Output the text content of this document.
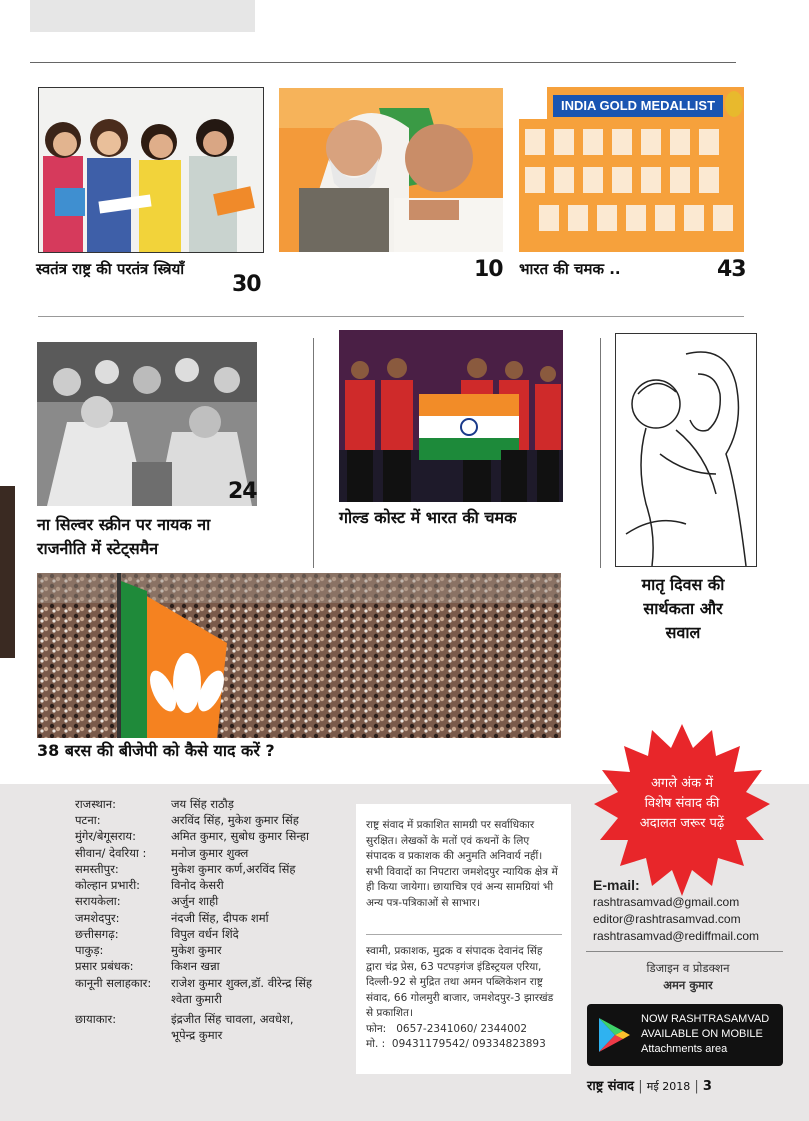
स्वतंत्र राष्ट्र की परतंत्र स्त्रियाँ
30
10
INDIA GOLD MEDALLIST
भारत की चमक ..	43
24
ना सिल्वर स्क्रीन पर नायक ना
राजनीति में स्टेट्समैन
गोल्ड कोस्ट में भारत की चमक
मातृ दिवस की
सार्थकता और
सवाल
38 बरस की बीजेपी को कैसे याद करें ?
राजस्थान:	जय सिंह राठौड़
पटना:	अरविंद सिंह, मुकेश कुमार सिंह
मुंगेर/बेगूसराय:	अमित कुमार, सुबोध कुमार सिन्हा
सीवान/ देवरिया :	मनोज कुमार शुक्ल
समस्तीपुर:	मुकेश कुमार कर्ण,अरविंद सिंह
कोल्हान प्रभारी:	विनोद केसरी
सरायकेला:	अर्जुन शाही
जमशेदपुर:	नंदजी सिंह, दीपक शर्मा
छत्तीसगढ़:	विपुल वर्धन शिंदे
पाकुड़:	मुकेश कुमार
प्रसार प्रबंधक:	किशन खन्ना
कानूनी सलाहकार:	राजेश कुमार शुक्ल,डॉ. वीरेन्द्र सिंह
श्वेता कुमारी
छायाकार:	इंद्रजीत सिंह चावला, अवधेश,
भूपेन्द्र कुमार

राष्ट्र संवाद में प्रकाशित सामग्री पर सर्वाधिकार

सुरक्षित। लेखकों के मतों एवं कथनों के लिए

संपादक व प्रकाशक की अनुमति अनिवार्य नहीं।

सभी विवादों का निपटारा जमशेदपुर न्यायिक क्षेत्र में

ही किया जायेगा। छायाचित्र एवं अन्य सामग्रियां भी

अन्य पत्र-पत्रिकाओं से साभार।

स्वामी, प्रकाशक, मुद्रक व संपादक देवानंद सिंह

द्वारा चंद्र प्रेस, 63 पटपड़गंज इंडिस्ट्रयल एरिया,

दिल्ली-92 से मुद्रित तथा अमन पब्लिकेशन राष्ट्र

संवाद, 66 गोलमुरी बाजार, जमशेदपुर-3 झारखंड

से प्रकाशित।

फोन: 0657-2341060/ 2344002

मो. : 09431179542/ 09334823893

अगले अंक में
विशेष संवाद की
अदालत जरूर पढ़ें
E-mail:
rashtrasamvad@gmail.com
editor@rashtrasamvad.com
rashtrasamvad@rediffmail.com
डिजाइन व प्रोडक्शन
अमन कुमार
NOW RASHTRASAMVAD
AVAILABLE ON MOBILE
Attachments area
राष्ट्र संवाद | मई 2018 | 3
